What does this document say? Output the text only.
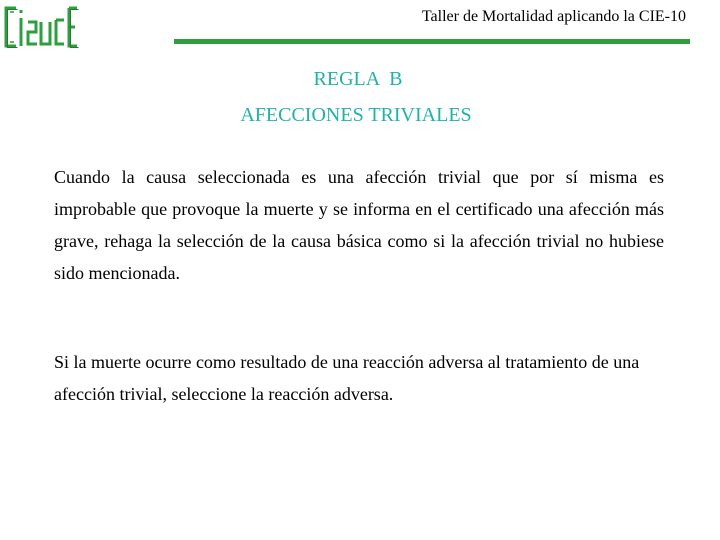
Taller de Mortalidad aplicando la CIE-10
REGLA  B
AFECCIONES TRIVIALES
Cuando la causa seleccionada es una afección trivial que por sí misma es improbable que provoque la muerte y se informa en el certificado una afección más grave, rehaga la selección de la causa básica como si la afección trivial no hubiese sido mencionada.
Si la muerte ocurre como resultado de una reacción adversa al tratamiento de una afección trivial, seleccione la reacción adversa.
